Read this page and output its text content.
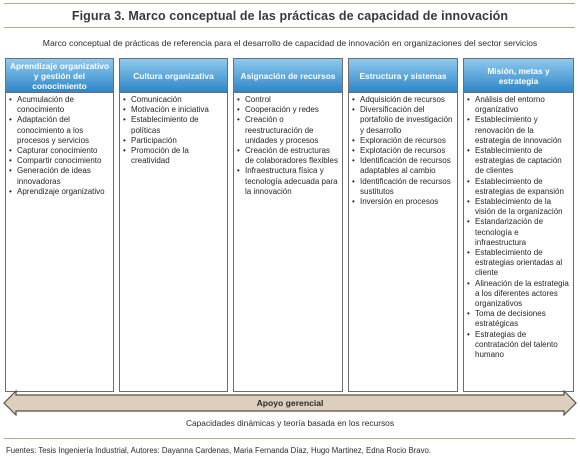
Figura 3. Marco conceptual de las prácticas de capacidad de innovación
Marco conceptual de prácticas de referencia para el desarrollo de capacidad de innovación en organizaciones del sector servicios
Aprendizaje organizativo y gestión del conocimiento
• Acumulación de conocimiento
• Adaptación del conocimiento a los procesos y servicios
• Capturar conocimiento
• Compartir conocimiento
• Generación de ideas innovadoras
• Aprendizaje organizativo
Cultura organizativa
• Comunicación
• Motivación e iniciativa
• Establecimiento de políticas
• Participación
• Promoción de la creatividad
Asignación de recursos
• Control
• Cooperación y redes
• Creación o reestructuración de unidades y procesos
• Creación de estructuras de colaboradores flexibles
• Infraestructura física y tecnología adecuada para la innovación
Estructura y sistemas
• Adquisición de recursos
• Diversificación del portafolio de investigación y desarrollo
• Exploración de recursos
• Explotación de recursos
• Identificación de recursos adaptables al cambio
• Identificación de recursos sustitutos
• Inversión en procesos
Misión, metas y estrategia
• Análisis del entorno organizativo
• Establecimiento y renovación de la estrategia de innovación
• Establecimiento de estrategias de captación de clientes
• Establecimiento de estrategias de expansión
• Establecimiento de la visión de la organización
• Estandarización de tecnología e infraestructura
• Establecimiento de estrategias orientadas al cliente
• Alineación de la estrategia a los diferentes actores organizativos
• Toma de decisiones estratégicas
• Estrategias de contratación del talento humano
Apoyo gerencial
Capacidades dinámicas y teoría basada en los recursos
Fuentes: Tesis Ingeniería Industrial, Autores: Dayanna Cardenas, Maria Fernanda Díaz, Hugo Martinez, Edna Rocio Bravo.
